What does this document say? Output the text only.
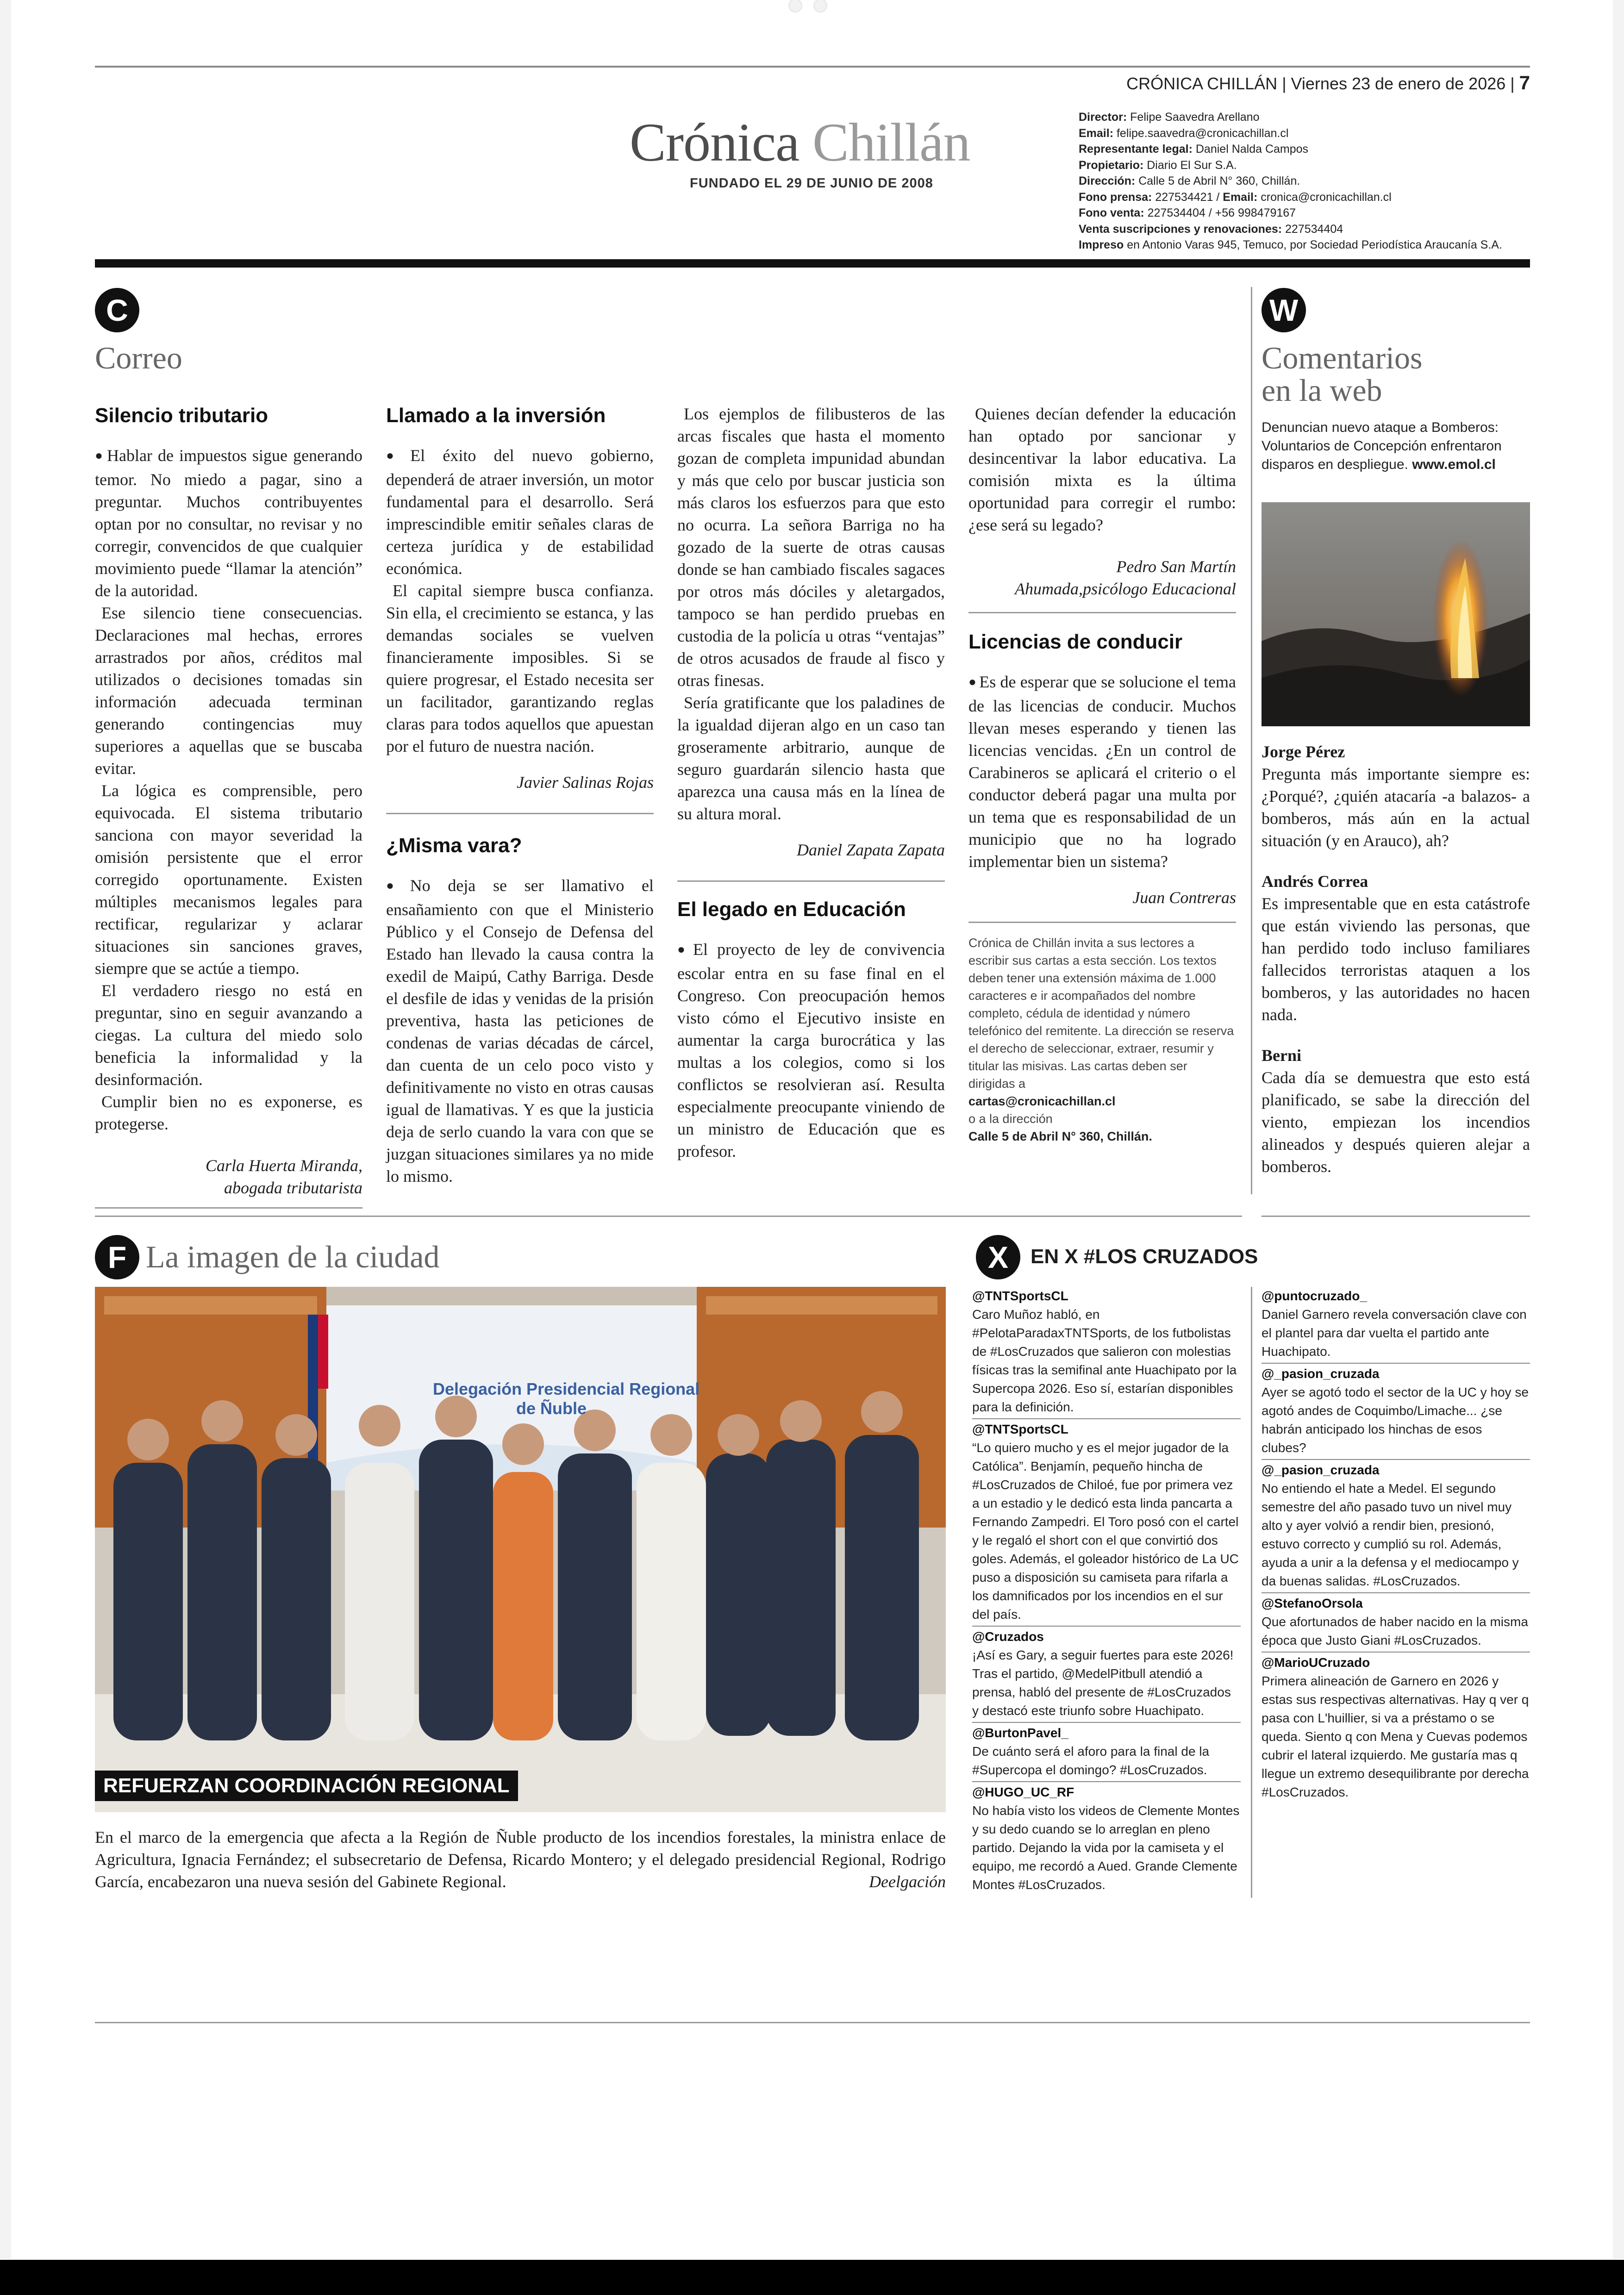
CRÓNICA CHILLÁN | Viernes 23 de enero de 2026 | 7
Crónica Chillán
FUNDADO EL 29 DE JUNIO DE 2008
Director: Felipe Saavedra Arellano
Email: felipe.saavedra@cronicachillan.cl
Representante legal: Daniel Nalda Campos
Propietario: Diario El Sur S.A.
Dirección: Calle 5 de Abril N° 360, Chillán.
Fono prensa: 227534421 / Email: cronica@cronicachillan.cl
Fono venta: 227534404 / +56 998479167
Venta suscripciones y renovaciones: 227534404
Impreso en Antonio Varas 945, Temuco, por Sociedad Periodística Araucanía S.A.
C
Correo
Silencio tributario

● Hablar de impuestos sigue generando temor. No miedo a pagar, sino a preguntar. Muchos contribuyentes optan por no consultar, no revisar y no corregir, convencidos de que cualquier movimiento puede “llamar la atención” de la autoridad.

Ese silencio tiene consecuencias. Declaraciones mal hechas, errores arrastrados por años, créditos mal utilizados o decisiones tomadas sin información adecuada terminan generando contingencias muy superiores a aquellas que se buscaba evitar.

La lógica es comprensible, pero equivocada. El sistema tributario sanciona con mayor severidad la omisión persistente que el error corregido oportunamente. Existen múltiples mecanismos legales para rectificar, regularizar y aclarar situaciones sin sanciones graves, siempre que se actúe a tiempo.

El verdadero riesgo no está en preguntar, sino en seguir avanzando a ciegas. La cultura del miedo solo beneficia la informalidad y la desinformación.

Cumplir bien no es exponerse, es protegerse.

Carla Huerta Miranda,
abogada tributarista
Llamado a la inversión

● El éxito del nuevo gobierno, dependerá de atraer inversión, un motor fundamental para el desarrollo. Será imprescindible emitir señales claras de certeza jurídica y de estabilidad económica.

El capital siempre busca confianza. Sin ella, el crecimiento se estanca, y las demandas sociales se vuelven financieramente imposibles. Si se quiere progresar, el Estado necesita ser un facilitador, garantizando reglas claras para todos aquellos que apuestan por el futuro de nuestra nación.

Javier Salinas Rojas
¿Misma vara?

● No deja se ser llamativo el ensañamiento con que el Ministerio Público y el Consejo de Defensa del Estado han llevado la causa contra la exedil de Maipú, Cathy Barriga. Desde el desfile de idas y venidas de la prisión preventiva, hasta las peticiones de condenas de varias décadas de cárcel, dan cuenta de un celo poco visto y definitivamente no visto en otras causas igual de llamativas. Y es que la justicia deja de serlo cuando la vara con que se juzgan situaciones similares ya no mide lo mismo.

Los ejemplos de filibusteros de las arcas fiscales que hasta el momento gozan de completa impunidad abundan y más que celo por buscar justicia son más claros los esfuerzos para que esto no ocurra. La señora Barriga no ha gozado de la suerte de otras causas donde se han cambiado fiscales sagaces por otros más dóciles y aletargados, tampoco se han perdido pruebas en custodia de la policía u otras “ventajas” de otros acusados de fraude al fisco y otras finesas.

Sería gratificante que los paladines de la igualdad dijeran algo en un caso tan groseramente arbitrario, aunque de seguro guardarán silencio hasta que aparezca una causa más en la línea de su altura moral.

Daniel Zapata Zapata
El legado en Educación

● El proyecto de ley de convivencia escolar entra en su fase final en el Congreso. Con preocupación hemos visto cómo el Ejecutivo insiste en aumentar la carga burocrática y las multas a los colegios, como si los conflictos se resolvieran así. Resulta especialmente preocupante viniendo de un ministro de Educación que es profesor.

Quienes decían defender la educación han optado por sancionar y desincentivar la labor educativa. La comisión mixta es la última oportunidad para corregir el rumbo: ¿ese será su legado?

Pedro San Martín
Ahumada,psicólogo Educacional
Licencias de conducir

● Es de esperar que se solucione el tema de las licencias de conducir. Muchos llevan meses esperando y tienen las licencias vencidas. ¿En un control de Carabineros se aplicará el criterio o el conductor deberá pagar una multa por un tema que es responsabilidad de un municipio que no ha logrado implementar bien un sistema?

Juan Contreras
Crónica de Chillán invita a sus lectores a escribir sus cartas a esta sección. Los textos deben tener una extensión máxima de 1.000 caracteres e ir acompañados del nombre completo, cédula de identidad y número telefónico del remitente. La dirección se reserva el derecho de seleccionar, extraer, resumir y titular las misivas. Las cartas deben ser dirigidas a
cartas@cronicachillan.cl
o a la dirección
Calle 5 de Abril N° 360, Chillán.
W
Comentarios
en la web
Denuncian nuevo ataque a Bomberos: Voluntarios de Concepción enfrentaron disparos en despliegue. www.emol.cl
Jorge Pérez
Pregunta más importante siempre es: ¿Porqué?, ¿quién atacaría -a balazos- a bomberos, más aún en la actual situación (y en Arauco), ah?
Andrés Correa
Es impresentable que en esta catástrofe que están viviendo las personas, que han perdido todo incluso familiares fallecidos terroristas ataquen a los bomberos, y las autoridades no hacen nada.
Berni
Cada día se demuestra que esto está planificado, se sabe la dirección del viento, empiezan los incendios alineados y después quieren alejar a bomberos.
F La imagen de la ciudad
Delegación Presidencial Regional
de Ñuble
REFUERZAN COORDINACIÓN REGIONAL
En el marco de la emergencia que afecta a la Región de Ñuble producto de los incendios forestales, la ministra enlace de Agricultura, Ignacia Fernández; el subsecretario de Defensa, Ricardo Montero; y el delegado presidencial Regional, Rodrigo García, encabezaron una nueva sesión del Gabinete Regional.	Deelgación
X	EN X #LOS CRUZADOS
@TNTSportsCL
Caro Muñoz habló, en #PelotaParadaxTNTSports, de los futbolistas de #LosCruzados que salieron con molestias físicas tras la semifinal ante Huachipato por la Supercopa 2026. Eso sí, estarían disponibles para la definición.
@TNTSportsCL
“Lo quiero mucho y es el mejor jugador de la Católica”. Benjamín, pequeño hincha de #LosCruzados de Chiloé, fue por primera vez a un estadio y le dedicó esta linda pancarta a Fernando Zampedri. El Toro posó con el cartel y le regaló el short con el que convirtió dos goles. Además, el goleador histórico de La UC puso a disposición su camiseta para rifarla a los damnificados por los incendios en el sur del país.
@Cruzados
¡Así es Gary, a seguir fuertes para este 2026! Tras el partido, @MedelPitbull atendió a prensa, habló del presente de #LosCruzados y destacó este triunfo sobre Huachipato.
@BurtonPavel_
De cuánto será el aforo para la final de la #Supercopa el domingo? #LosCruzados.
@HUGO_UC_RF
No había visto los videos de Clemente Montes y su dedo cuando se lo arreglan en pleno partido. Dejando la vida por la camiseta y el equipo, me recordó a Aued. Grande Clemente Montes #LosCruzados.
@puntocruzado_
Daniel Garnero revela conversación clave con el plantel para dar vuelta el partido ante Huachipato.
@_pasion_cruzada
Ayer se agotó todo el sector de la UC y hoy se agotó andes de Coquimbo/Limache... ¿se habrán anticipado los hinchas de esos clubes?
@_pasion_cruzada
No entiendo el hate a Medel. El segundo semestre del año pasado tuvo un nivel muy alto y ayer volvió a rendir bien, presionó, estuvo correcto y cumplió su rol. Además, ayuda a unir a la defensa y el mediocampo y da buenas salidas. #LosCruzados.
@StefanoOrsola
Que afortunados de haber nacido en la misma época que Justo Giani #LosCruzados.
@MarioUCruzado
Primera alineación de Garnero en 2026 y estas sus respectivas alternativas. Hay q ver q pasa con L'huillier, si va a préstamo o se queda. Siento q con Mena y Cuevas podemos cubrir el lateral izquierdo. Me gustaría mas q llegue un extremo desequilibrante por derecha #LosCruzados.
